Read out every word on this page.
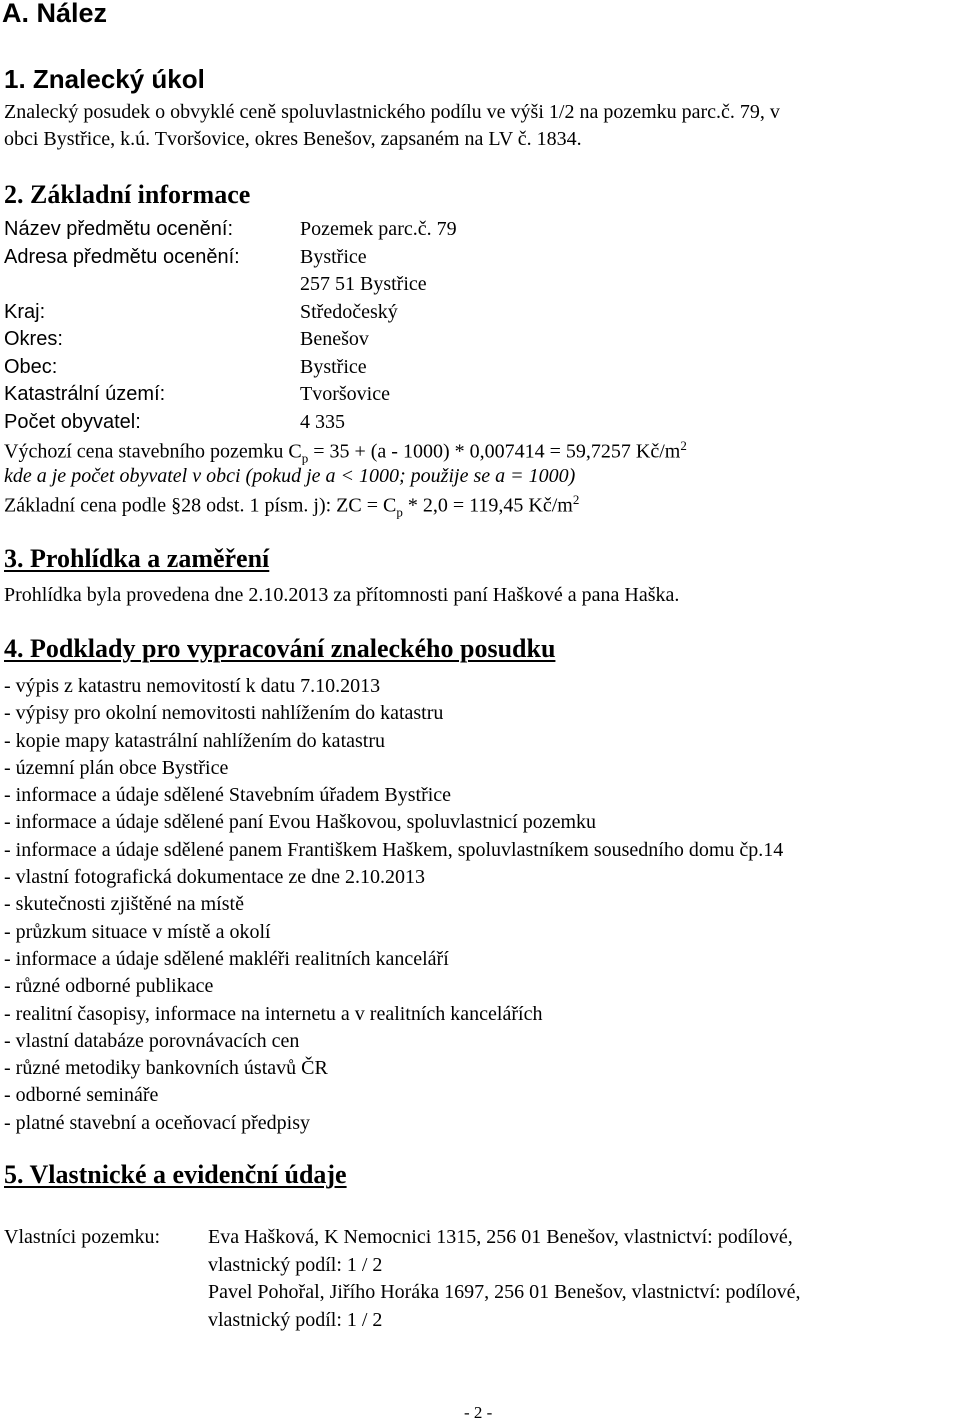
A. Nález
1. Znalecký úkol
Znalecký posudek o obvyklé ceně spoluvlastnického podílu ve výši 1/2 na pozemku parc.č. 79, v
obci Bystřice, k.ú. Tvoršovice, okres Benešov, zapsaném na LV č. 1834.
2. Základní informace
Název předmětu ocenění:	Pozemek parc.č. 79
Adresa předmětu ocenění:	Bystřice
257 51 Bystřice
Kraj:	Středočeský
Okres:	Benešov
Obec:	Bystřice
Katastrální území:	Tvoršovice
Počet obyvatel:	4 335
Výchozí cena stavebního pozemku $C_p = 35 + (a - 1000) * 0,007414 = 59,7257$ $Kč/m^2$
kde a je počet obyvatel v obci (pokud je a < 1000; použije se a = 1000)
Základní cena podle §28 odst. 1 písm. j): ZC = $C_p * 2,0 = 119,45$ $Kč/m^2$
3. Prohlídka a zaměření
Prohlídka byla provedena dne 2.10.2013 za přítomnosti paní Haškové a pana Haška.
4. Podklady pro vypracování znaleckého posudku
- výpis z katastru nemovitostí k datu 7.10.2013
- výpisy pro okolní nemovitosti nahlížením do katastru
- kopie mapy katastrální nahlížením do katastru
- územní plán obce Bystřice
- informace a údaje sdělené Stavebním úřadem Bystřice
- informace a údaje sdělené paní Evou Haškovou, spoluvlastnicí pozemku
- informace a údaje sdělené panem Františkem Haškem, spoluvlastníkem sousedního domu čp.14
- vlastní fotografická dokumentace ze dne 2.10.2013
- skutečnosti zjištěné na místě
- průzkum situace v místě a okolí
- informace a údaje sdělené makléři realitních kanceláří
- různé odborné publikace
- realitní časopisy, informace na internetu a v realitních kancelářích
- vlastní databáze porovnávacích cen
- různé metodiky bankovních ústavů ČR
- odborné semináře
- platné stavební a oceňovací předpisy
5. Vlastnické a evidenční údaje
Vlastníci pozemku: Eva Hašková, K Nemocnici 1315, 256 01 Benešov, vlastnictví: podílové,
vlastnický podíl: 1 / 2
Pavel Pohořal, Jiřího Horáka 1697, 256 01 Benešov, vlastnictví: podílové,
vlastnický podíl: 1 / 2
- 2 -
